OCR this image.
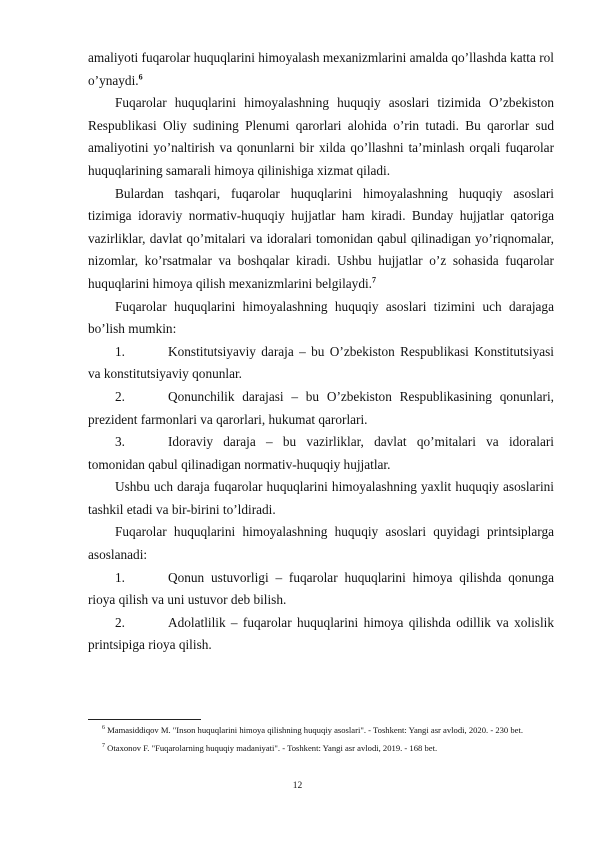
amaliyoti fuqarolar huquqlarini himoyalash mexanizmlarini amalda qo’llashda katta rol o’ynaydi.$^6$

Fuqarolar huquqlarini himoyalashning huquqiy asoslari tizimida O’zbekiston Respublikasi Oliy sudining Plenumi qarorlari alohida o’rin tutadi. Bu qarorlar sud amaliyotini yo’naltirish va qonunlarni bir xilda qo’llashni ta’minlash orqali fuqarolar huquqlarining samarali himoya qilinishiga xizmat qiladi.

Bulardan tashqari, fuqarolar huquqlarini himoyalashning huquqiy asoslari tizimiga idoraviy normativ-huquqiy hujjatlar ham kiradi. Bunday hujjatlar qatoriga vazirliklar, davlat qo’mitalari va idoralari tomonidan qabul qilinadigan yo’riqnomalar, nizomlar, ko’rsatmalar va boshqalar kiradi. Ushbu hujjatlar o’z sohasida fuqarolar huquqlarini himoya qilish mexanizmlarini belgilaydi.$^7$

Fuqarolar huquqlarini himoyalashning huquqiy asoslari tizimini uch darajaga bo’lish mumkin:

1.	Konstitutsiyaviy daraja – bu O’zbekiston Respublikasi Konstitutsiyasi va konstitutsiyaviy qonunlar.

2.	Qonunchilik darajasi – bu O’zbekiston Respublikasining qonunlari, prezident farmonlari va qarorlari, hukumat qarorlari.

3.	Idoraviy daraja – bu vazirliklar, davlat qo’mitalari va idoralari tomonidan qabul qilinadigan normativ-huquqiy hujjatlar.

Ushbu uch daraja fuqarolar huquqlarini himoyalashning yaxlit huquqiy asoslarini tashkil etadi va bir-birini to’ldiradi.

Fuqarolar huquqlarini himoyalashning huquqiy asoslari quyidagi printsiplarga asoslanadi:

1.	Qonun ustuvorligi – fuqarolar huquqlarini himoya qilishda qonunga rioya qilish va uni ustuvor deb bilish.

2.	Adolatlilik – fuqarolar huquqlarini himoya qilishda odillik va xolislik printsipiga rioya qilish.

$^6$ Mamasiddiqov M. "Inson huquqlarini himoya qilishning huquqiy asoslari". - Toshkent: Yangi asr avlodi, 2020. - 230 bet.

$^7$ Otaxonov F. "Fuqarolarning huquqiy madaniyati". - Toshkent: Yangi asr avlodi, 2019. - 168 bet.

12
